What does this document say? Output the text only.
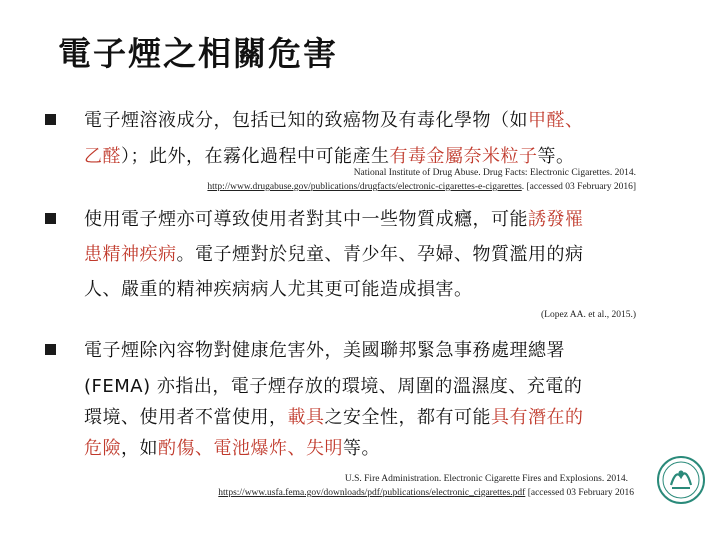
電子煙之相關危害
電子煙溶液成分，包括已知的致癌物及有毒化學物（如甲醛、
乙醛）；此外，在霧化過程中可能產生有毒金屬奈米粒子等。
National Institute of Drug Abuse. Drug Facts: Electronic Cigarettes. 2014.
http://www.drugabuse.gov/publications/drugfacts/electronic-cigarettes-e-cigarettes. [accessed 03 February 2016]
使用電子煙亦可導致使用者對其中一些物質成癮，可能誘發罹
患精神疾病。電子煙對於兒童、青少年、孕婦、物質濫用的病
人、嚴重的精神疾病病人尤其更可能造成損害。
(Lopez AA. et al., 2015.)
電子煙除內容物對健康危害外，美國聯邦緊急事務處理總署
(FEMA) 亦指出，電子煙存放的環境、周圍的溫濕度、充電的
環境、使用者不當使用，載具之安全性，都有可能具有潛在的
危險，如酌傷、電池爆炸、失明等。
U.S. Fire Administration. Electronic Cigarette Fires and Explosions. 2014.
https://www.usfa.fema.gov/downloads/pdf/publications/electronic_cigarettes.pdf [accessed 03 February 2016
